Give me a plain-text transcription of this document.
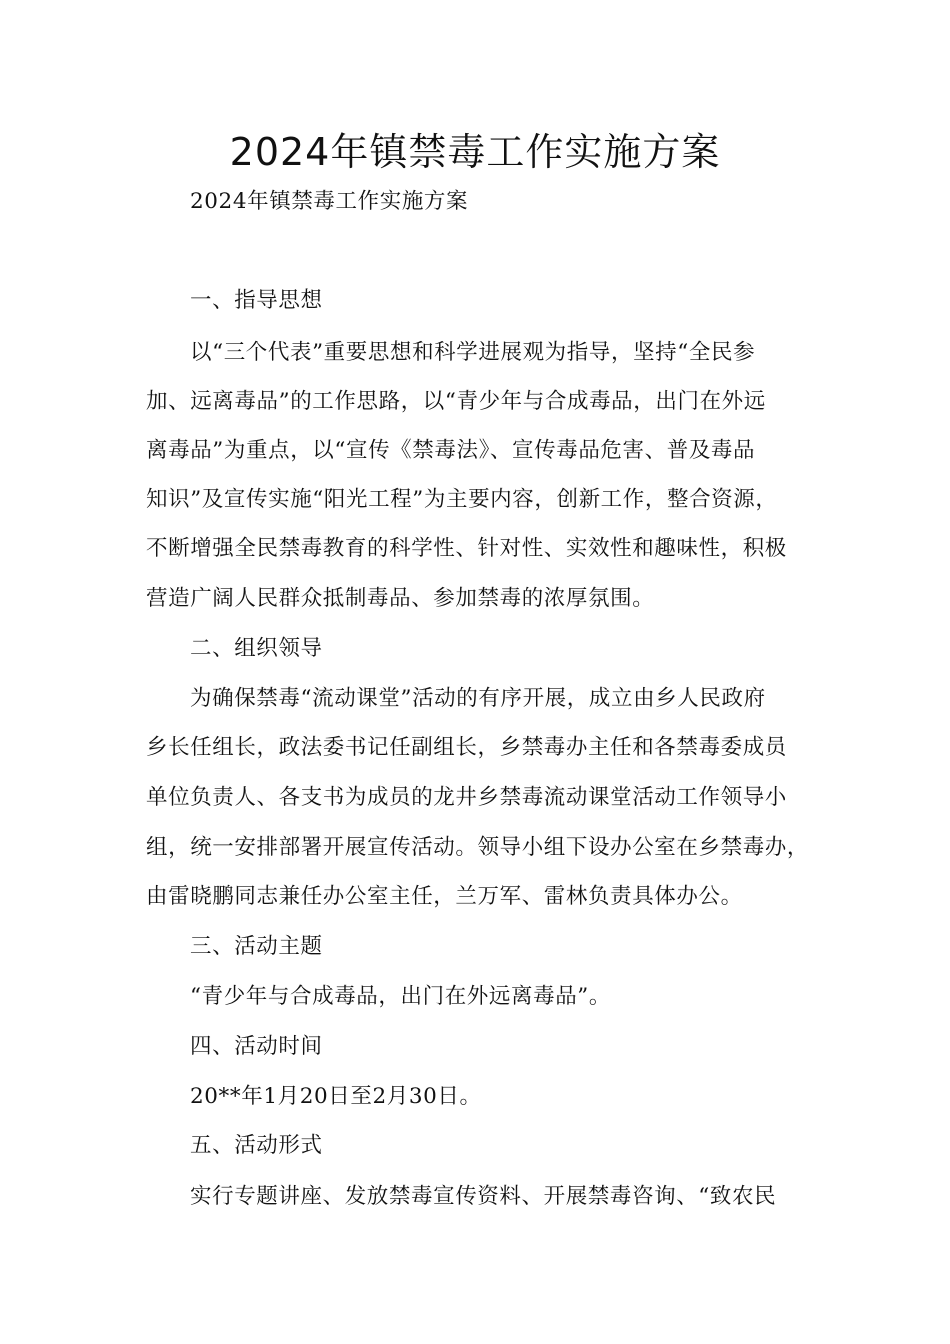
2024年镇禁毒工作实施方案
2024年镇禁毒工作实施方案
一、指导思想
以“三个代表”重要思想和科学进展观为指导，坚持“全民参
加、远离毒品”的工作思路，以“青少年与合成毒品，出门在外远
离毒品”为重点，以“宣传《禁毒法》、宣传毒品危害、普及毒品
知识”及宣传实施“阳光工程”为主要内容，创新工作，整合资源，
不断增强全民禁毒教育的科学性、针对性、实效性和趣味性，积极
营造广阔人民群众抵制毒品、参加禁毒的浓厚氛围。
二、组织领导
为确保禁毒“流动课堂”活动的有序开展，成立由乡人民政府
乡长任组长，政法委书记任副组长，乡禁毒办主任和各禁毒委成员
单位负责人、各支书为成员的龙井乡禁毒流动课堂活动工作领导小
组，统一安排部署开展宣传活动。领导小组下设办公室在乡禁毒办，
由雷晓鹏同志兼任办公室主任，兰万军、雷林负责具体办公。
三、活动主题
“青少年与合成毒品，出门在外远离毒品”。
四、活动时间
20**年1月20日至2月30日。
五、活动形式
实行专题讲座、发放禁毒宣传资料、开展禁毒咨询、“致农民
